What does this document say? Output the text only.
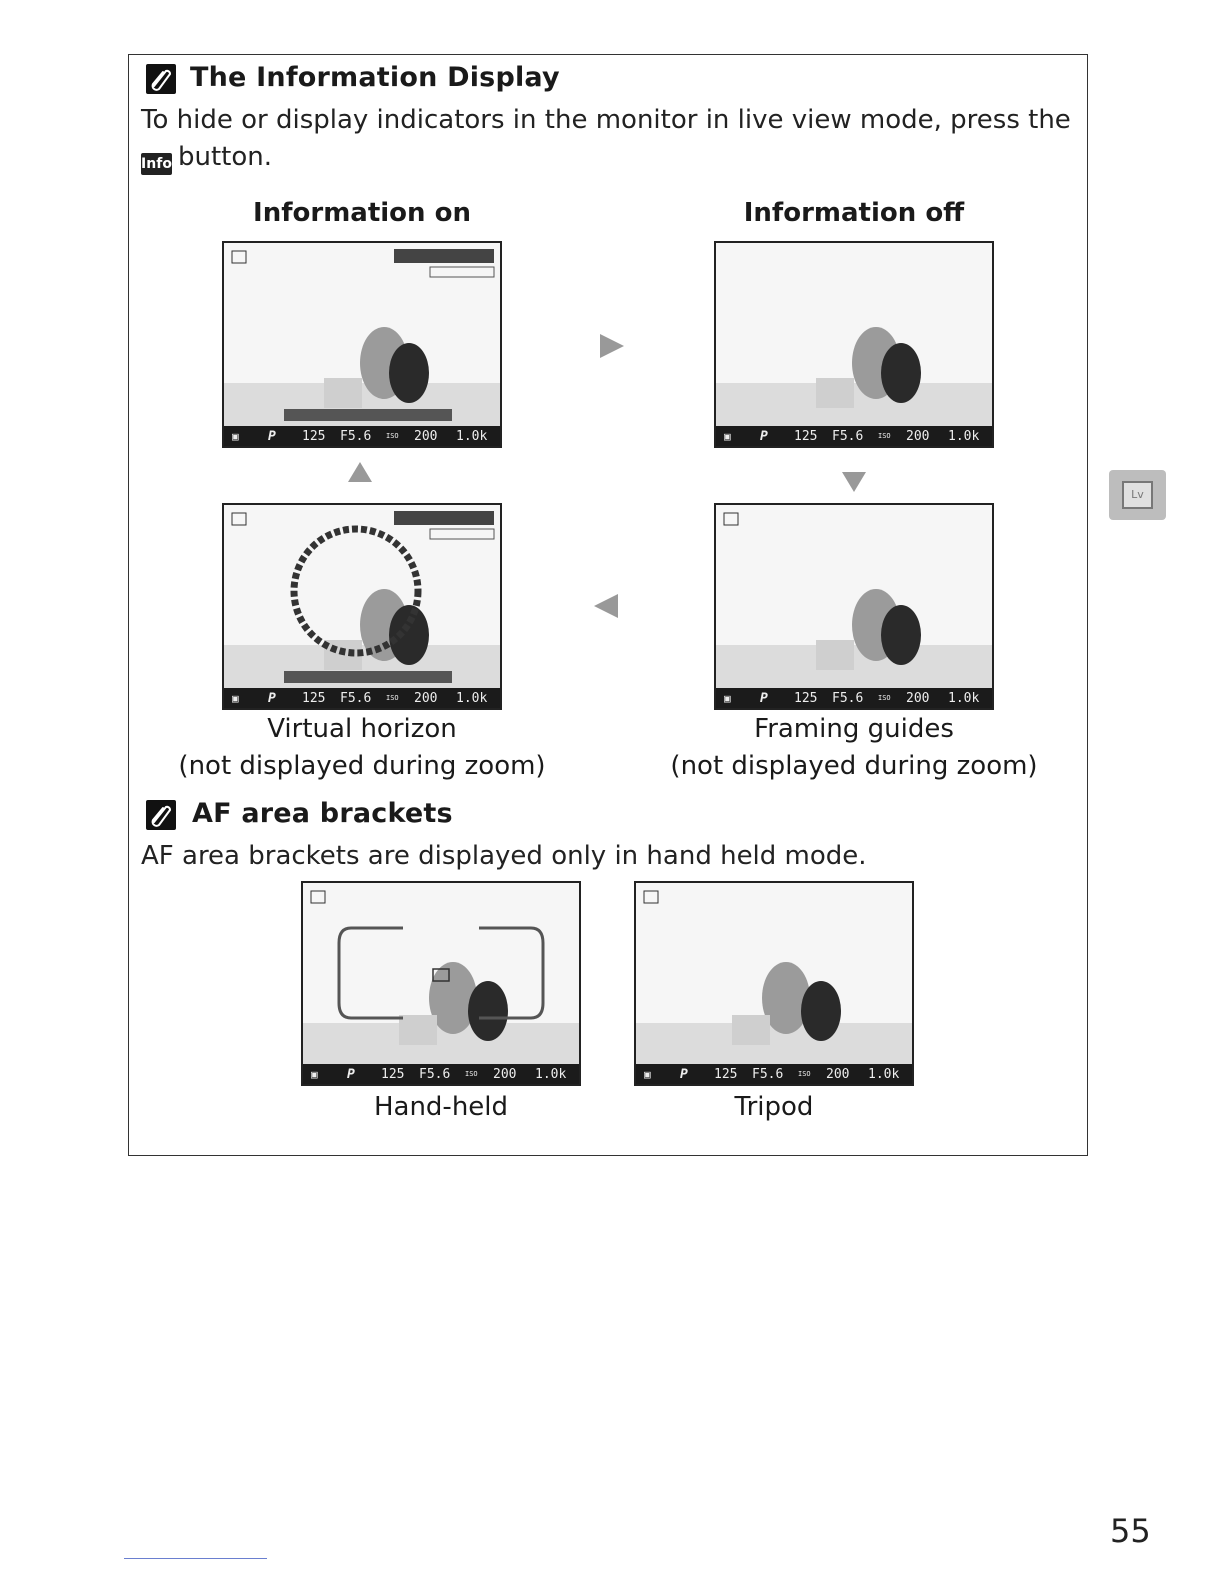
The Information Display
To hide or display indicators in the monitor in live view mode, press the
Info button.
Information on	Information off
▣ P 125 F5.6 ISO 200 1.0k	▣ P 125 F5.6 ISO 200 1.0k
▣ P 125 F5.6 ISO 200 1.0k	▣ P 125 F5.6 ISO 200 1.0k
Virtual horizon
(not displayed during zoom)
Framing guides
(not displayed during zoom)
AF area brackets
AF area brackets are displayed only in hand held mode.
▣ P 125 F5.6 ISO 200 1.0k	▣ P 125 F5.6 ISO 200 1.0k
Hand-held	Tripod
Lv
55
